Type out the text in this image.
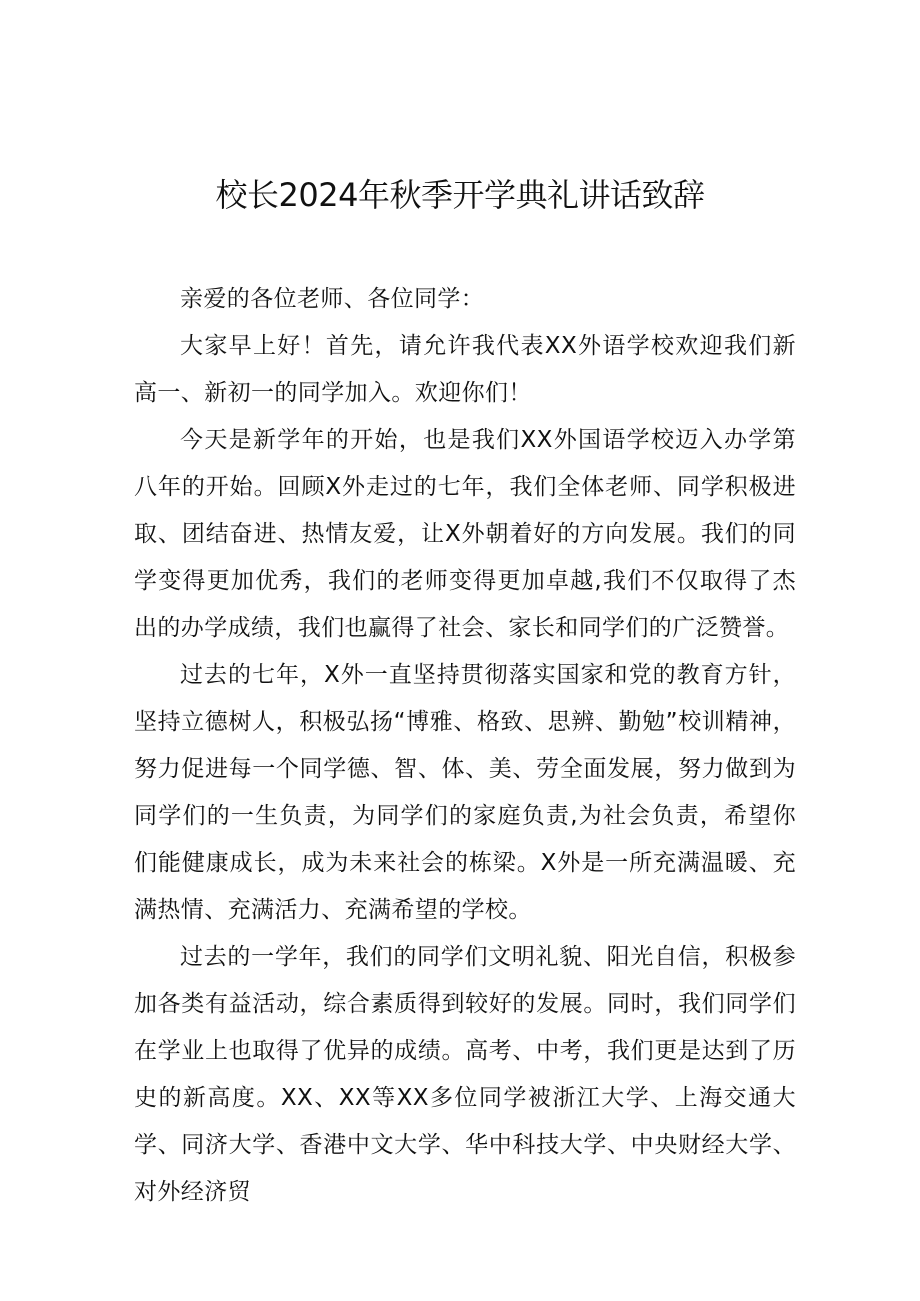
校长2024年秋季开学典礼讲话致辞

亲爱的各位老师、各位同学：

大家早上好！首先，请允许我代表XX外语学校欢迎我们新高一、新初一的同学加入。欢迎你们！

今天是新学年的开始，也是我们XX外国语学校迈入办学第八年的开始。回顾X外走过的七年，我们全体老师、同学积极进取、团结奋进、热情友爱，让X外朝着好的方向发展。我们的同学变得更加优秀，我们的老师变得更加卓越,我们不仅取得了杰出的办学成绩，我们也赢得了社会、家长和同学们的广泛赞誉。

过去的七年，X外一直坚持贯彻落实国家和党的教育方针，坚持立德树人，积极弘扬“博雅、格致、思辨、勤勉”校训精神，努力促进每一个同学德、智、体、美、劳全面发展，努力做到为同学们的一生负责，为同学们的家庭负责,为社会负责，希望你们能健康成长，成为未来社会的栋梁。X外是一所充满温暖、充满热情、充满活力、充满希望的学校。

过去的一学年，我们的同学们文明礼貌、阳光自信，积极参加各类有益活动，综合素质得到较好的发展。同时，我们同学们在学业上也取得了优异的成绩。高考、中考，我们更是达到了历史的新高度。XX、XX等XX多位同学被浙江大学、上海交通大学、同济大学、香港中文大学、华中科技大学、中央财经大学、对外经济贸
